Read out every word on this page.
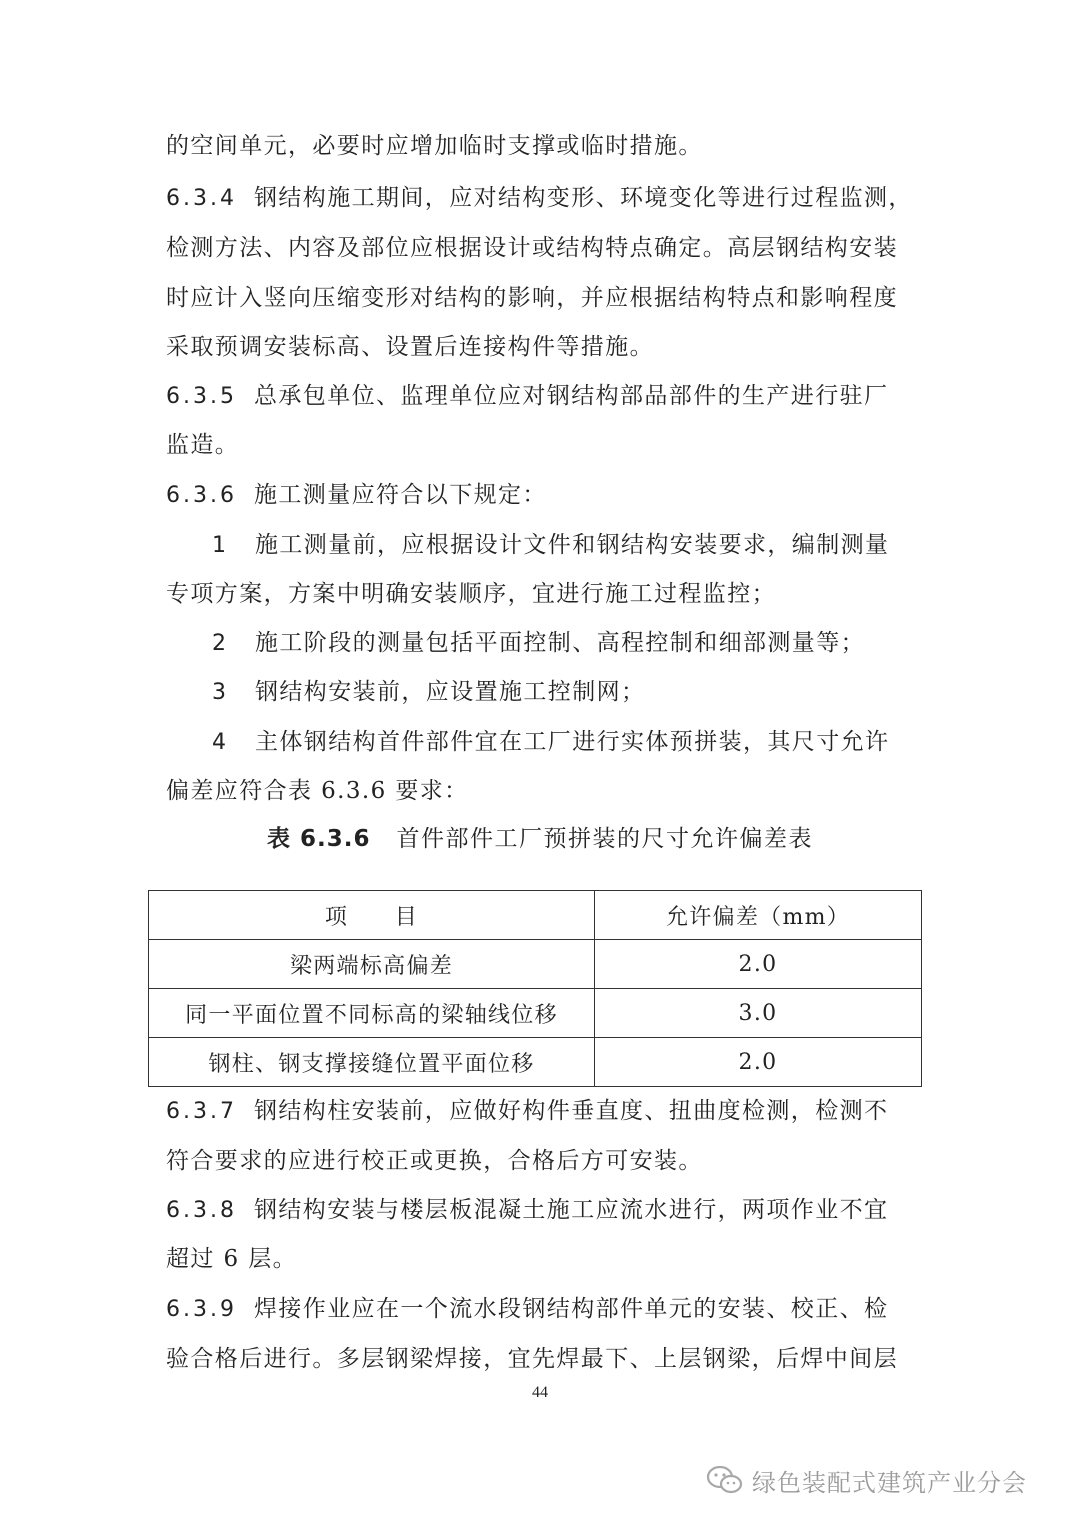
的空间单元，必要时应增加临时支撑或临时措施。
6.3.4 钢结构施工期间，应对结构变形、环境变化等进行过程监测，
检测方法、内容及部位应根据设计或结构特点确定。高层钢结构安装
时应计入竖向压缩变形对结构的影响，并应根据结构特点和影响程度
采取预调安装标高、设置后连接构件等措施。
6.3.5 总承包单位、监理单位应对钢结构部品部件的生产进行驻厂
监造。
6.3.6 施工测量应符合以下规定：
1 施工测量前，应根据设计文件和钢结构安装要求，编制测量
专项方案，方案中明确安装顺序，宜进行施工过程监控；
2 施工阶段的测量包括平面控制、高程控制和细部测量等；
3 钢结构安装前，应设置施工控制网；
4 主体钢结构首件部件宜在工厂进行实体预拼装，其尺寸允许
偏差应符合表 6.3.6 要求：
表 6.3.6 首件部件工厂预拼装的尺寸允许偏差表
项　　目	允许偏差（mm）
梁两端标高偏差	2.0
同一平面位置不同标高的梁轴线位移	3.0
钢柱、钢支撑接缝位置平面位移	2.0
6.3.7 钢结构柱安装前，应做好构件垂直度、扭曲度检测，检测不
符合要求的应进行校正或更换，合格后方可安装。
6.3.8 钢结构安装与楼层板混凝土施工应流水进行，两项作业不宜
超过 6 层。
6.3.9 焊接作业应在一个流水段钢结构部件单元的安装、校正、检
验合格后进行。多层钢梁焊接，宜先焊最下、上层钢梁，后焊中间层
44
绿色装配式建筑产业分会
